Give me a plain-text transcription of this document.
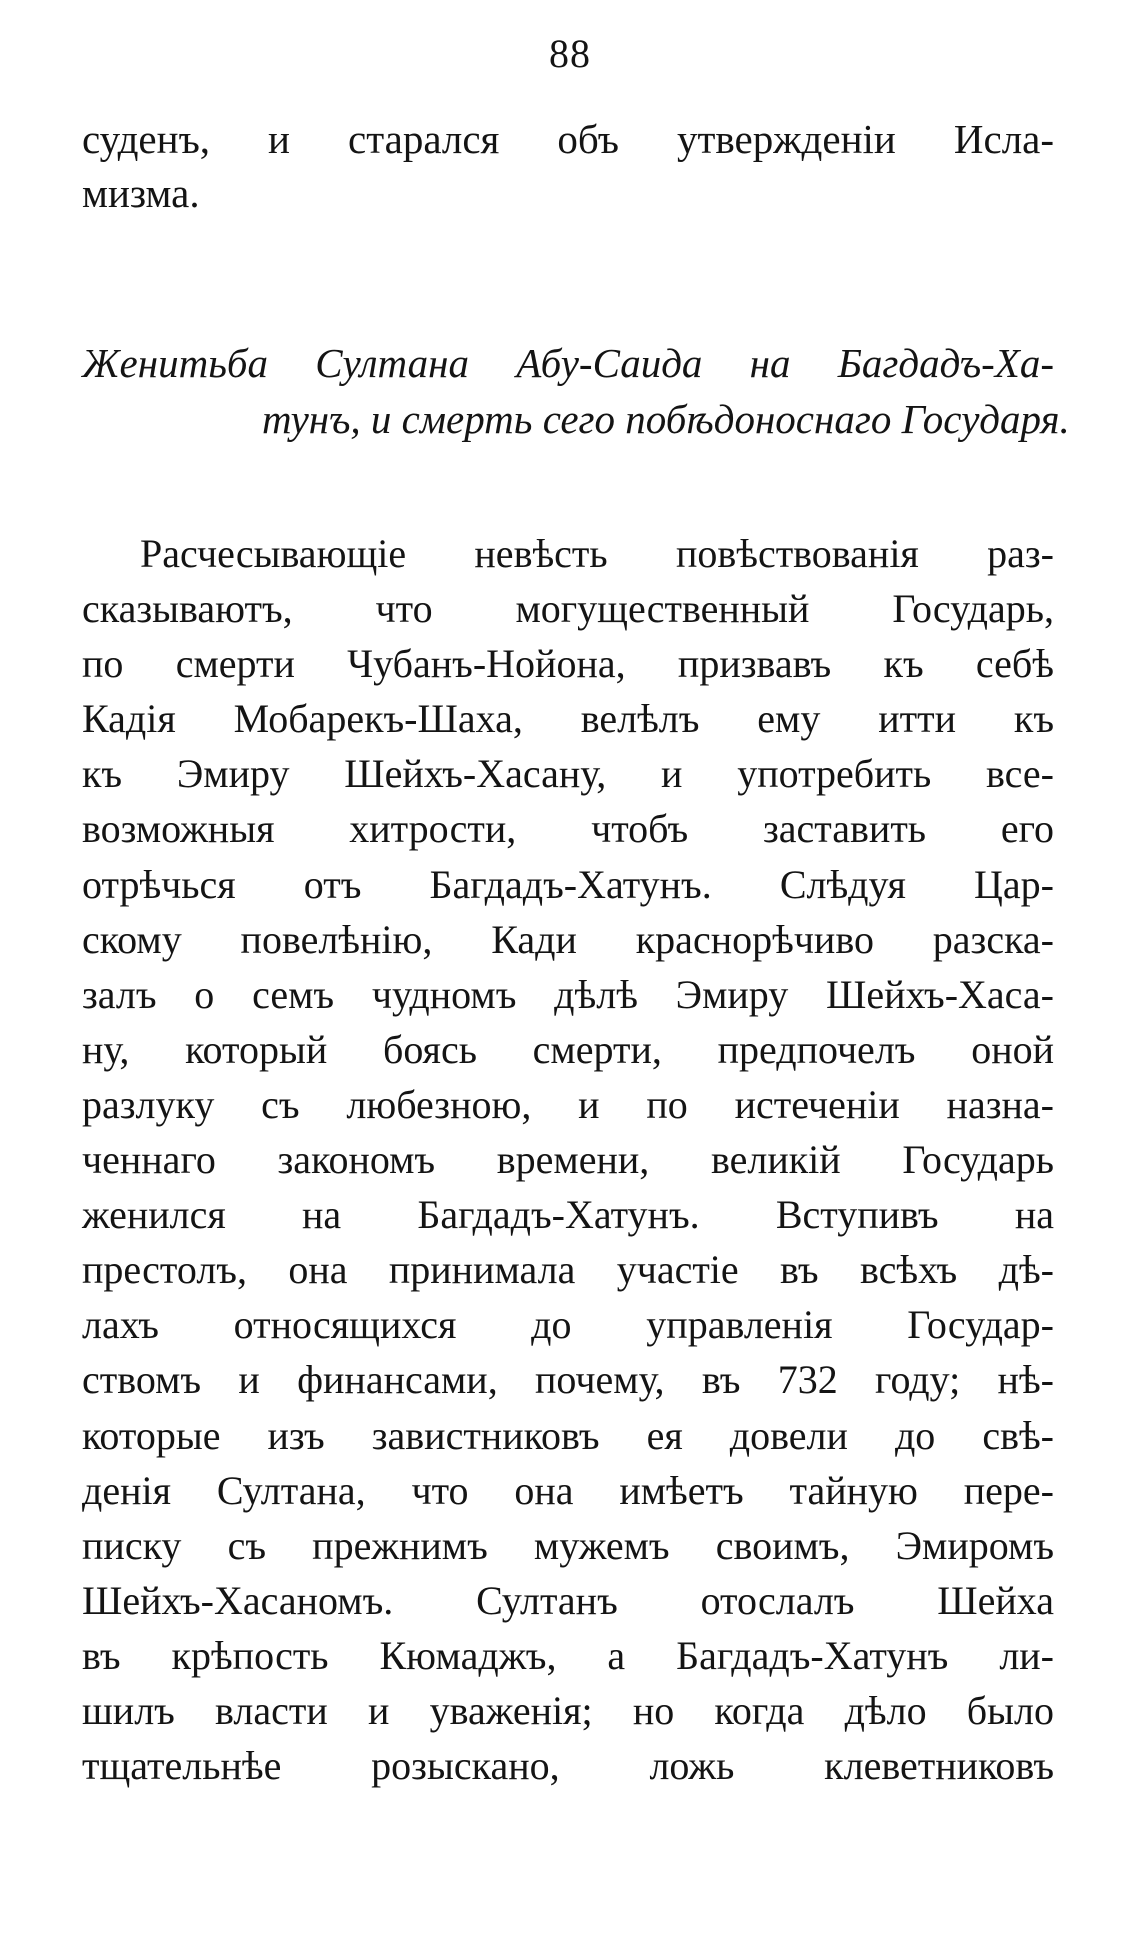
88
суденъ, и старался объ утвержденіи Исла-
мизма.
Женитьба Султана Абу-Саида на Багдадъ-Ха-
тунъ, и смерть сего побѣдоноснаго Государя.
Расчесывающіе невѣсть повѣствованія раз-
сказываютъ, что могущественный Государь,
по смерти Чубанъ-Нойона, призвавъ къ себѣ
Кадія Мобарекъ-Шаха, велѣлъ ему итти къ
къ Эмиру Шейхъ-Хасану, и употребить все-
возможныя хитрости, чтобъ заставить его
отрѣчься отъ Багдадъ-Хатунъ. Слѣдуя Цар-
скому повелѣнію, Кади краснорѣчиво разска-
залъ о семъ чудномъ дѣлѣ Эмиру Шейхъ-Хаса-
ну, который боясь смерти, предпочелъ оной
разлуку съ любезною, и по истеченіи назна-
ченнаго закономъ времени, великій Государь
женился на Багдадъ-Хатунъ. Вступивъ на
престолъ, она принимала участіе въ всѣхъ дѣ-
лахъ относящихся до управленія Государ-
ствомъ и финансами, почему, въ 732 году; нѣ-
которые изъ завистниковъ ея довели до свѣ-
денія Султана, что она имѣетъ тайную пере-
писку съ прежнимъ мужемъ своимъ, Эмиромъ
Шейхъ-Хасаномъ. Султанъ отослалъ Шейха
въ крѣпость Кюмаджъ, а Багдадъ-Хатунъ ли-
шилъ власти и уваженія; но когда дѣло было
тщательнѣе розыскано, ложь клеветниковъ
